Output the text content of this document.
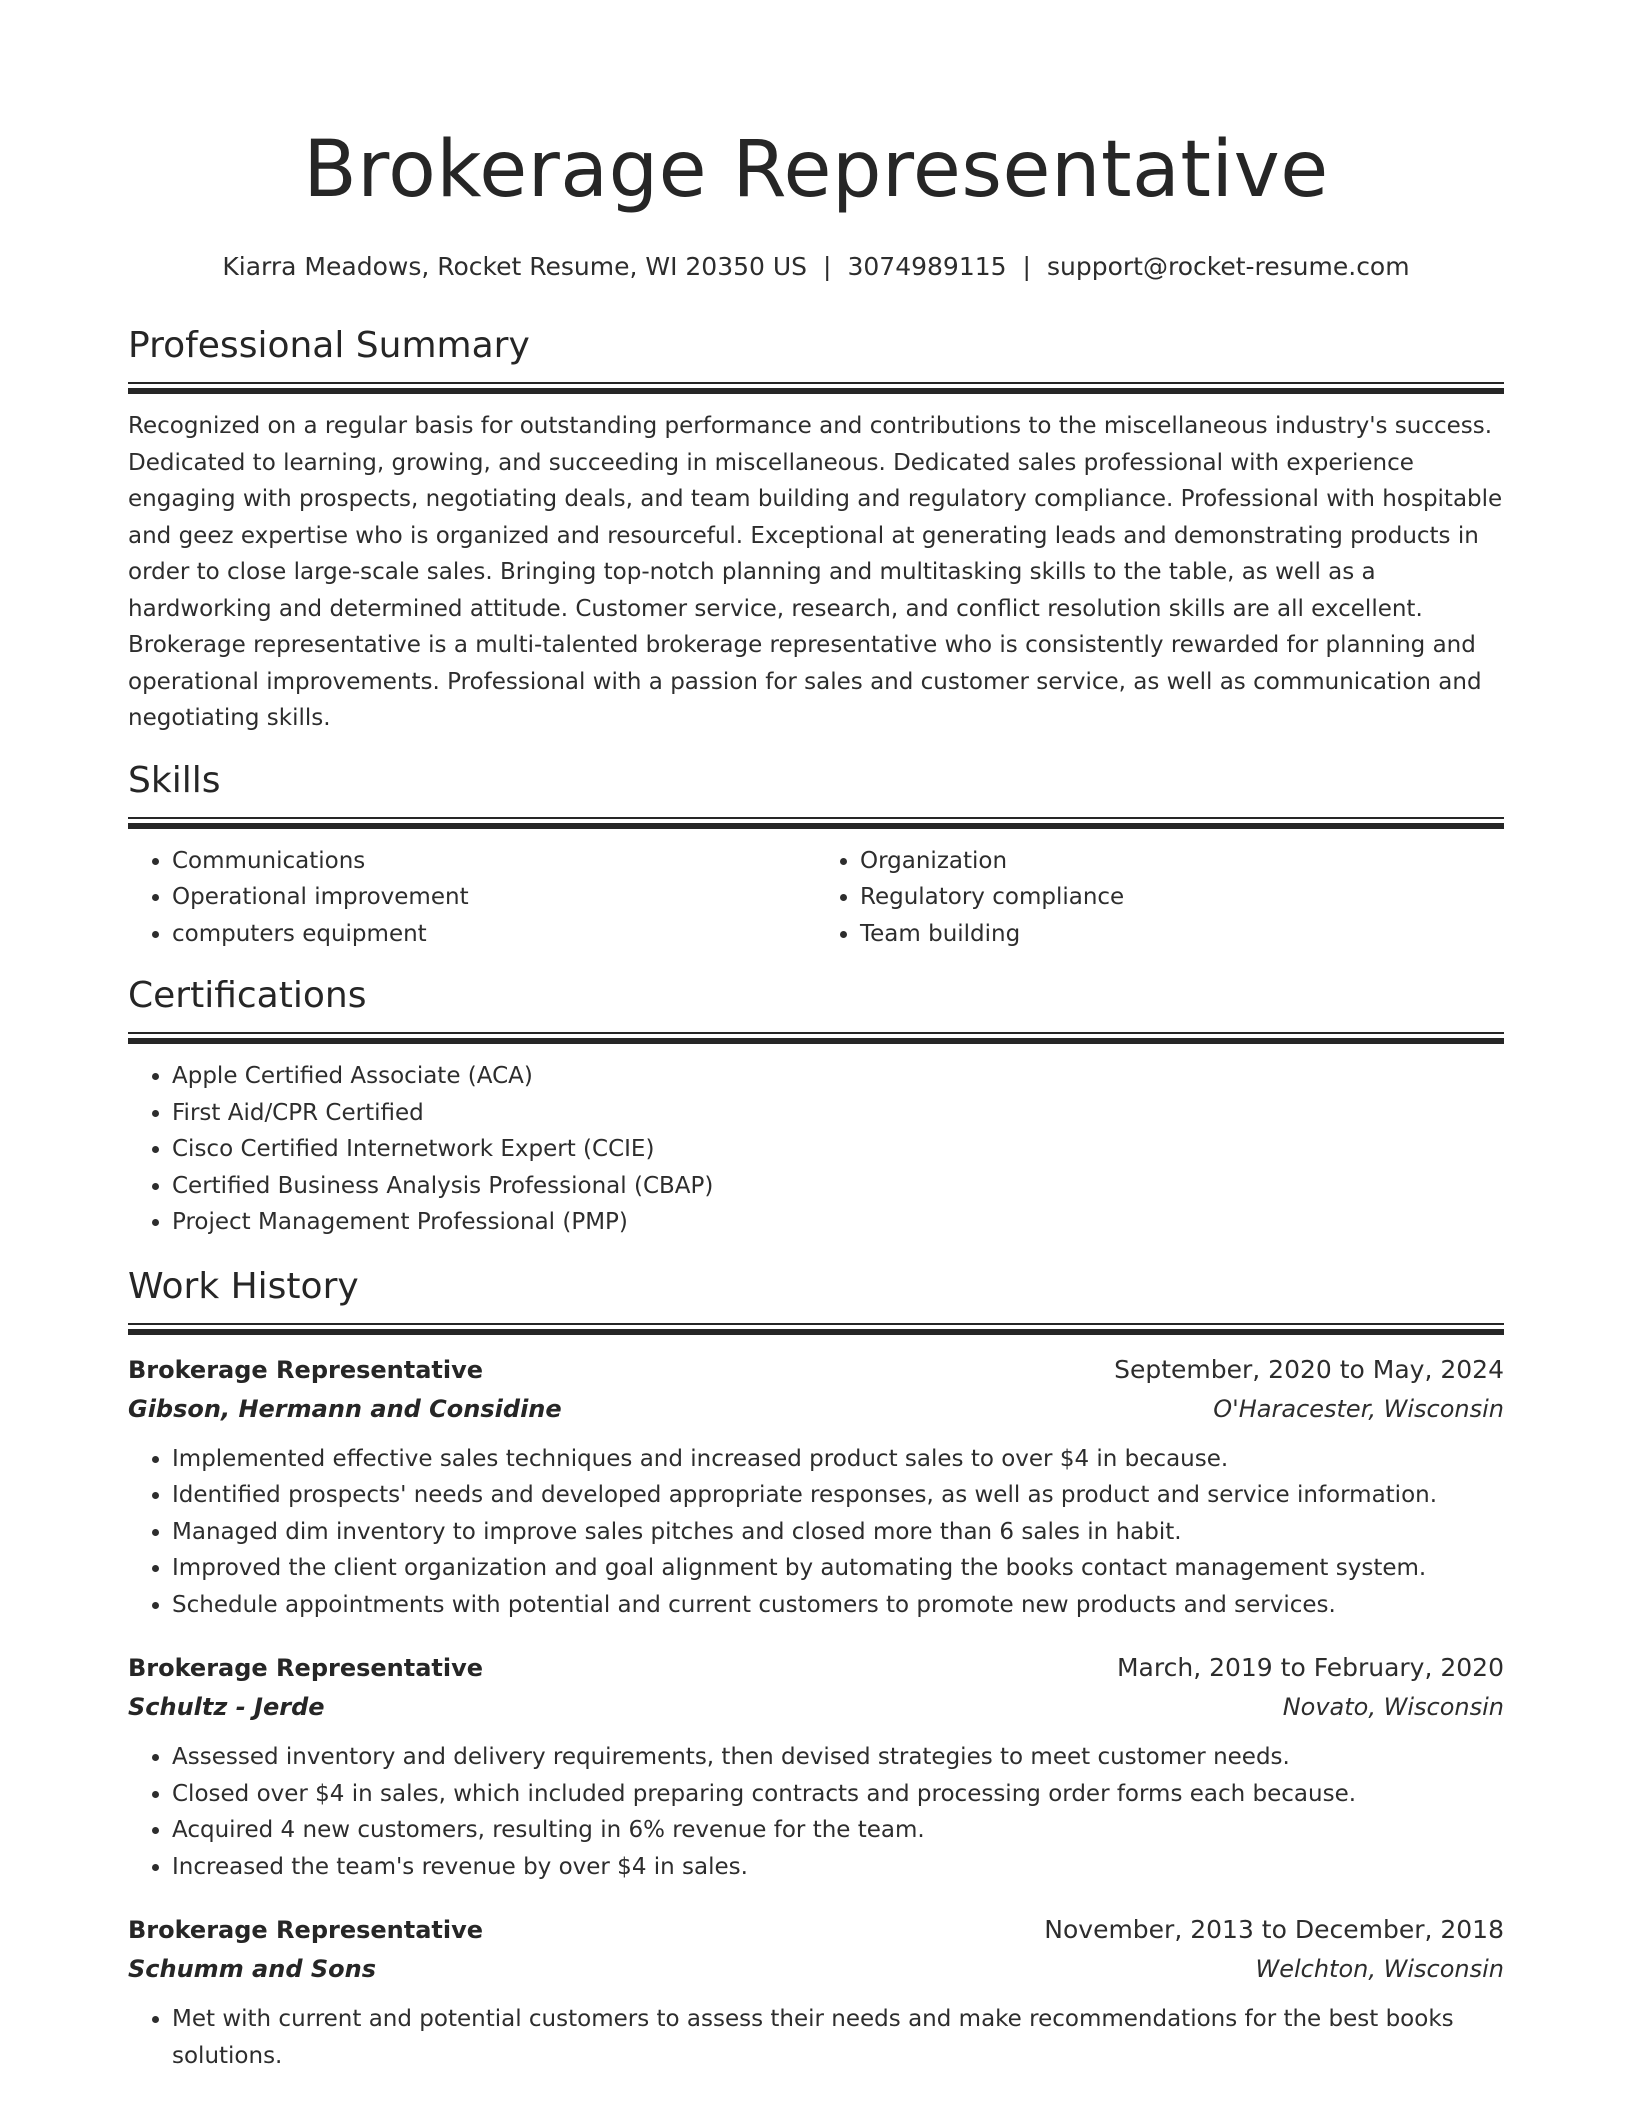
Brokerage Representative
Kiarra Meadows, Rocket Resume, WI 20350 US | 3074989115 | support@rocket-resume.com
Professional Summary
Recognized on a regular basis for outstanding performance and contributions to the miscellaneous industry's success. Dedicated to learning, growing, and succeeding in miscellaneous. Dedicated sales professional with experience engaging with prospects, negotiating deals, and team building and regulatory compliance. Professional with hospitable and geez expertise who is organized and resourceful. Exceptional at generating leads and demonstrating products in order to close large-scale sales. Bringing top-notch planning and multitasking skills to the table, as well as a hardworking and determined attitude. Customer service, research, and conflict resolution skills are all excellent. Brokerage representative is a multi-talented brokerage representative who is consistently rewarded for planning and operational improvements. Professional with a passion for sales and customer service, as well as communication and negotiating skills.
Skills
• Communications
• Operational improvement
• computers equipment
• Organization
• Regulatory compliance
• Team building
Certifications
• Apple Certified Associate (ACA)
• First Aid/CPR Certified
• Cisco Certified Internetwork Expert (CCIE)
• Certified Business Analysis Professional (CBAP)
• Project Management Professional (PMP)
Work History
Brokerage Representative	September, 2020 to May, 2024
Gibson, Hermann and Considine	O'Haracester, Wisconsin
• Implemented effective sales techniques and increased product sales to over $4 in because.
• Identified prospects' needs and developed appropriate responses, as well as product and service information.
• Managed dim inventory to improve sales pitches and closed more than 6 sales in habit.
• Improved the client organization and goal alignment by automating the books contact management system.
• Schedule appointments with potential and current customers to promote new products and services.
Brokerage Representative	March, 2019 to February, 2020
Schultz - Jerde	Novato, Wisconsin
• Assessed inventory and delivery requirements, then devised strategies to meet customer needs.
• Closed over $4 in sales, which included preparing contracts and processing order forms each because.
• Acquired 4 new customers, resulting in 6% revenue for the team.
• Increased the team's revenue by over $4 in sales.
Brokerage Representative	November, 2013 to December, 2018
Schumm and Sons	Welchton, Wisconsin
• Met with current and potential customers to assess their needs and make recommendations for the best books solutions.
